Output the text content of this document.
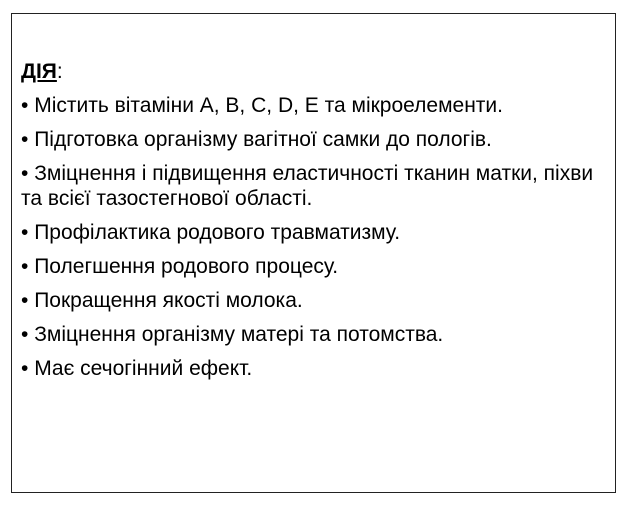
ДІЯ:

• Містить вітаміни A, B, C, D, E та мікроелементи.
• Підготовка організму вагітної самки до пологів.
• Зміцнення і підвищення еластичності тканин матки, піхви та всієї тазостегнової області.
• Профілактика родового травматизму.
• Полегшення родового процесу.
• Покращення якості молока.
• Зміцнення організму матері та потомства.
• Має сечогінний ефект.
